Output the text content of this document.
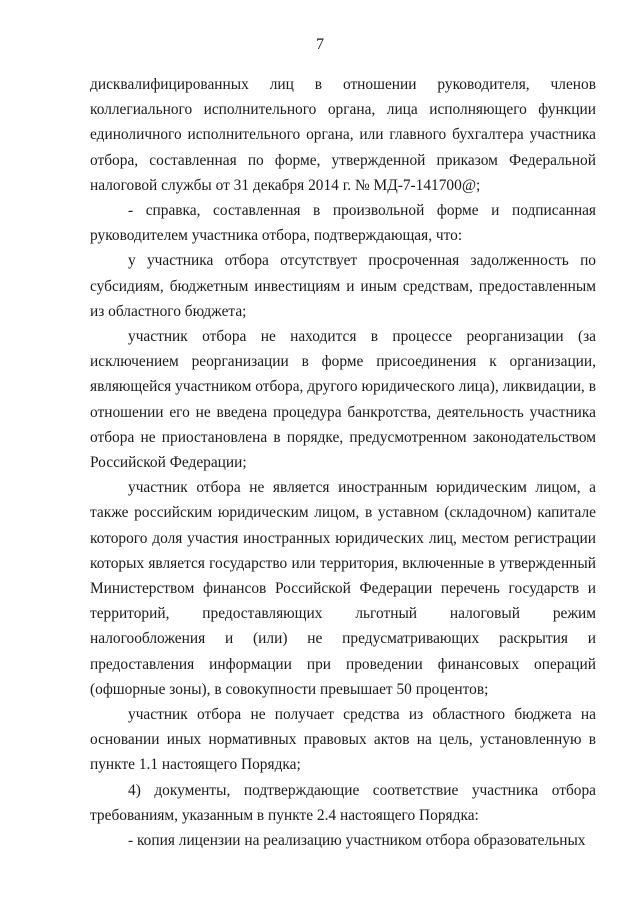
7

дисквалифицированных лиц в отношении руководителя, членов коллегиального исполнительного органа, лица исполняющего функции единоличного исполнительного органа, или главного бухгалтера участника отбора, составленная по форме, утвержденной приказом Федеральной налоговой службы от 31 декабря 2014 г. № МД-7-141700@;

- справка, составленная в произвольной форме и подписанная руководителем участника отбора, подтверждающая, что:

у участника отбора отсутствует просроченная задолженность по субсидиям, бюджетным инвестициям и иным средствам, предоставленным из областного бюджета;

участник отбора не находится в процессе реорганизации (за исключением реорганизации в форме присоединения к организации, являющейся участником отбора, другого юридического лица), ликвидации, в отношении его не введена процедура банкротства, деятельность участника отбора не приостановлена в порядке, предусмотренном законодательством Российской Федерации;

участник отбора не является иностранным юридическим лицом, а также российским юридическим лицом, в уставном (складочном) капитале которого доля участия иностранных юридических лиц, местом регистрации которых является государство или территория, включенные в утвержденный Министерством финансов Российской Федерации перечень государств и территорий, предоставляющих льготный налоговый режим налогообложения и (или) не предусматривающих раскрытия и предоставления информации при проведении финансовых операций (офшорные зоны), в совокупности превышает 50 процентов;

участник отбора не получает средства из областного бюджета на основании иных нормативных правовых актов на цель, установленную в пункте 1.1 настоящего Порядка;

4) документы, подтверждающие соответствие участника отбора требованиям, указанным в пункте 2.4 настоящего Порядка:

- копия лицензии на реализацию участником отбора образовательных
